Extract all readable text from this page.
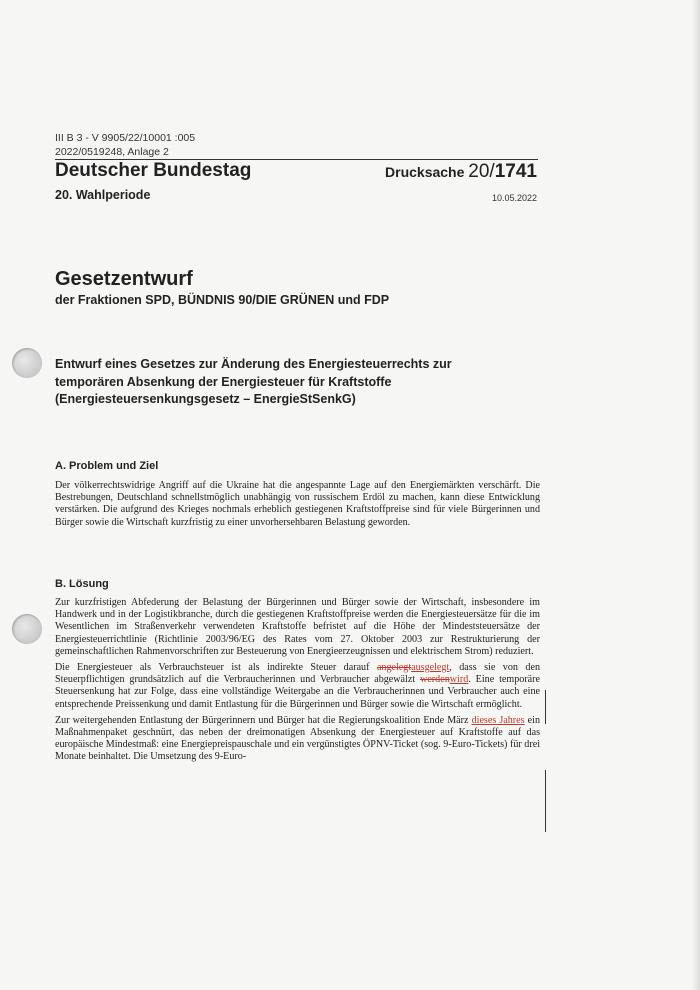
III B 3 - V 9905/22/10001 :005
2022/0519248, Anlage 2
Deutscher Bundestag	Drucksache 20/1741
20. Wahlperiode	10.05.2022
Gesetzentwurf
der Fraktionen SPD, BÜNDNIS 90/DIE GRÜNEN und FDP
Entwurf eines Gesetzes zur Änderung des Energiesteuerrechts zur
temporären Absenkung der Energiesteuer für Kraftstoffe
(Energiesteuersenkungsgesetz – EnergieStSenkG)
A. Problem und Ziel

Der völkerrechtswidrige Angriff auf die Ukraine hat die angespannte Lage auf den Energiemärkten verschärft. Die Bestrebungen, Deutschland schnellstmöglich unabhängig von russischem Erdöl zu machen, kann diese Entwicklung verstärken. Die aufgrund des Krieges nochmals erheblich gestiegenen Kraftstoffpreise sind für viele Bürgerinnen und Bürger sowie die Wirtschaft kurzfristig zu einer unvorhersehbaren Belastung geworden.

B. Lösung

Zur kurzfristigen Abfederung der Belastung der Bürgerinnen und Bürger sowie der Wirtschaft, insbesondere im Handwerk und in der Logistikbranche, durch die gestiegenen Kraftstoffpreise werden die Energiesteuersätze für die im Wesentlichen im Straßenverkehr verwendeten Kraftstoffe befristet auf die Höhe der Mindeststeuersätze der Energiesteuerrichtlinie (Richtlinie 2003/96/EG des Rates vom 27. Oktober 2003 zur Restrukturierung der gemeinschaftlichen Rahmenvorschriften zur Besteuerung von Energieerzeugnissen und elektrischem Strom) reduziert.

Die Energiesteuer als Verbrauchsteuer ist als indirekte Steuer darauf angelegtausgelegt, dass sie von den Steuerpflichtigen grundsätzlich auf die Verbraucherinnen und Verbraucher abgewälzt werdenwird. Eine temporäre Steuersenkung hat zur Folge, dass eine vollständige Weitergabe an die Verbraucherinnen und Verbraucher auch eine entsprechende Preissenkung und damit Entlastung für die Bürgerinnen und Bürger sowie die Wirtschaft ermöglicht.

Zur weitergehenden Entlastung der Bürgerinnern und Bürger hat die Regierungskoalition Ende März dieses Jahres ein Maßnahmenpaket geschnürt, das neben der dreimonatigen Absenkung der Energiesteuer auf Kraftstoffe auf das europäische Mindestmaß: eine Energiepreispauschale und ein vergünstigtes ÖPNV-Ticket (sog. 9-Euro-Tickets) für drei Monate beinhaltet. Die Umsetzung des 9-Euro-
